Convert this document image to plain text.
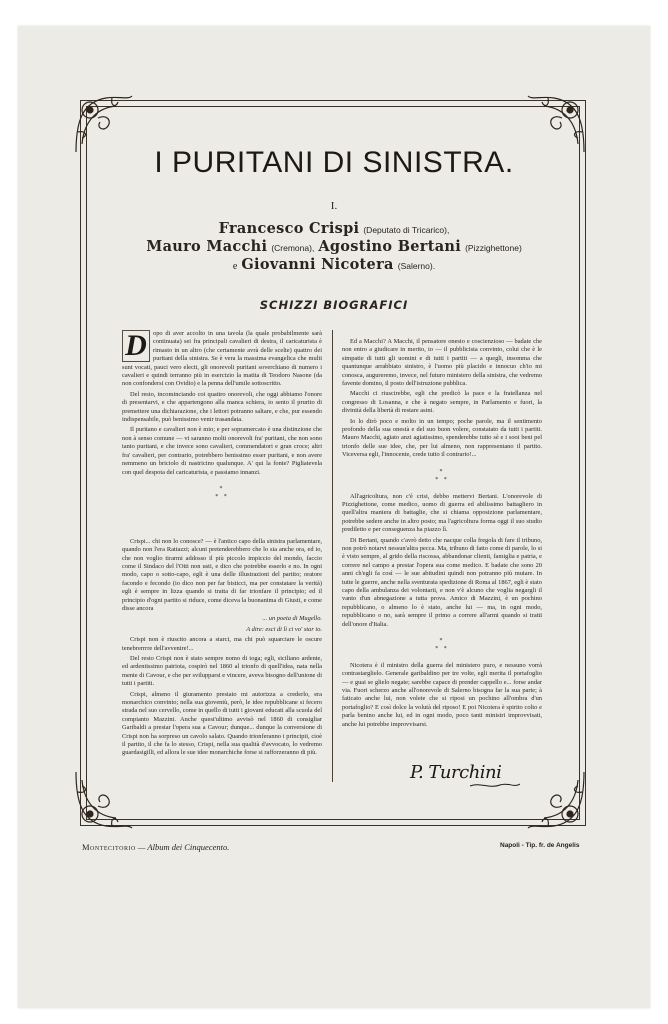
I PURITANI DI SINISTRA.
I.
Francesco Crispi (Deputato di Tricarico),
Mauro Macchi (Cremona), Agostino Bertani (Pizzighettone)
e Giovanni Nicotera (Salerno).
SCHIZZI BIOGRAFICI

D opo di aver accolto in una tavola (la quale probabilmente sarà continuata) sei fra principali cavalieri di destra, il caricaturista è rimasto in un altro (che certamente avrà delle scelte) quattro dei puritani della sinistra. Se è vera la massima evangelica che multi sunt vocati, pauci vero electi, gli onorevoli puritani soverchiano di numero i cavalieri e quindi terranno più in esercizio la matita di Teodoro Nasone (da non confondersi con Ovidio) e la penna dell'umile sottoscritto.

Del resto, incominciando coi quattro onorevoli, che oggi abbiamo l'onore di presentarvi, e che appartengono alla manca schiera, io sento il prurito di premettere una dichiarazione, che i lettori potranno saltare, e che, pur essendo indispensabile, può benissimo venir trasandata.

Il puritano e cavalieri non è mio; e per sopramercato è una distinzione che non à senso comune — vi saranno molti onorevoli fra' puritani, che non sono tanto puritani, e che invece sono cavalieri, commendatori e gran croce; altri fra' cavalieri, per contrario, potrebbero benissimo esser puritani, e non avere nemmeno un briciolo di nastricino qualunque. A' qui la fonte? Pigliatevela con quel despota del caricaturista, e passiamo innanzi.

*
* *

Crispi... chi non lo conosce? — è l'antico capo della sinistra parlamentare, quando non l'era Rattazzi; alcuni pretenderebbero che lo sia anche ora, ed io, che non voglio tirarmi addosso il più piccolo impiccio del mondo, faccio come il Sindaco del l'Otti non usti, e dico che potrebbe esserlo e no. In ogni modo, capo o sotto-capo, egli è una delle illustrazioni del partito; oratore facondo e fecondo (io dico non per far bisticci, ma per constatare la verità) egli è sempre in lizza quando si tratta di far trionfare il principio; ed il principio d'ogni partito si riduce, come diceva la buonanima di Giusti, e come disse ancora

... un poeta di Mugello.

A dire: esci di lì ci vo' star io.

Crispi non è riuscito ancora a starci, ma chi può squarciare le oscure tenebrerrrre dell'avvenire!...

Del resto Crispi non è stato sempre nomo di toga; egli, siciliano ardente, ed ardentissimo patriota, cospirò nel 1860 al trionfo di quell'idea, nata nella mente di Cavour, e che per svilupparsi e vincere, aveva bisogno dell'unione di tutti i partiti.

Crispi, almeno il giuramento prestato mi autorizza a crederlo, era monarchico convinto; nella sua gioventù, però, le idee repubblicane si fecero strada nel suo cervello, come in quello di tutti i giovani educati alla scuola del compianto Mazzini. Anche quest'ultimo avvisò nel 1860 di consigliar Garibaldi a prestar l'opera sua a Cavour; dunque... dunque la conversione di Crispi non ha sorpreso un cavolo salato. Quando trionferanno i principii, cioè il partito, il che fa lo stesso, Crispi, nella sua qualità d'avvocato, lo vedremo guardasigilli, ed allora le sue idee monarchiche forse si rafforzeranno di più.

Ed a Macchi? A Macchi, il pensatore onesto e coscienzioso — badate che non entro a giudicare in merito, io — il pubblicista convinto, colui che è le simpatie di tutti gli uomini e di tutti i partiti — a quegli, insomma che quantunque arrabbiato sinistro, è l'uomo più placido e innocuo ch'io mi conosca, augureremo, invece, nel futuro ministero della sinistra, che vedremo favente domino, il posto dell'istruzione pubblica.

Macchi ci riuscirebbe, egli che predicò la pace e la fratellanza nel congresso di Losanna, e che à negato sempre, in Parlamento e fuori, la divinità della libertà di restare asini.

Io lo dirò poco e molto in un tempo; poche parole, ma il sentimento profondo della sua onestà e del suo buon volere, constatato da tutti i partiti. Mauro Macchi, agiato anzi agiatissimo, spenderebbe tutto sè e i sooi beni pel trionfo delle sue idee, che, per lui almeno, non rappresentano il partito. Viceversa egli, l'innocente, crede tutto il contrario!...

*
* *

All'agricoltura, non c'è crisi, debbo mettervi Bertani. L'onorevole di Pizzighettone, come medico, uomo di guerra ed abilissimo battagliero in quell'altra maniera di battaglie, che si chiama opposizione parlamentare, potrebbe sedere anche in altro posto; ma l'agricoltura forma oggi il suo studio prediletto e per conseguenza ha piazzo lì.

Di Bertani, quando c'avrò detto che nacque colla fregola di fare il tribuno, non potrò notarvi nessun'altra pecca. Ma, tribuno di fatto come di parole, lo si è visto sempre, al grido della riscossa, abbandonar clienti, famiglia e patria, e correre nel campo a prestar l'opera sua come medico. E badate che sono 20 anni ch'egli fa così — le sue abitudini quindi non potranno più mutare. In tutte le guerre, anche nella sventurata spedizione di Roma al 1867, egli è stato capo della ambulanza dei volontarii, e non v'è alcuno che voglia negargli il vanto d'un abnegazione a tutta prova. Amico di Mazzini, è un pochino repubblicano, o almeno lo è stato, anche lui — ma, in ogni modo, repubblicano o no, sarà sempre il primo a correre all'armi quando si tratti dell'onore d'Italia.

*
* *

Nicotera è il ministro della guerra del ministero puro, e nessuno vorrà contrastarglielo. Generale garibaldino per tre volte, egli merita il portafoglio — e guai se glielo negate; sarebbe capace di prender cappello e... forse andar via. Fuori scherzo anche all'onorevole di Salerno bisogna far la sua parte; à faticato anche lui, non volete che si riposi un pochino all'ombra d'un portafoglio? E così dolce la volutà del riposo! E poi Nicotera è spirito colto e parla benino anche lui, ed in ogni modo, poco tanti ministri improvvisati, anche lui potrebbe improvvisarsi.

P. Turchini
Montecitorio — Album dei Cinquecento.	Napoli - Tip. fr. de Angelis
